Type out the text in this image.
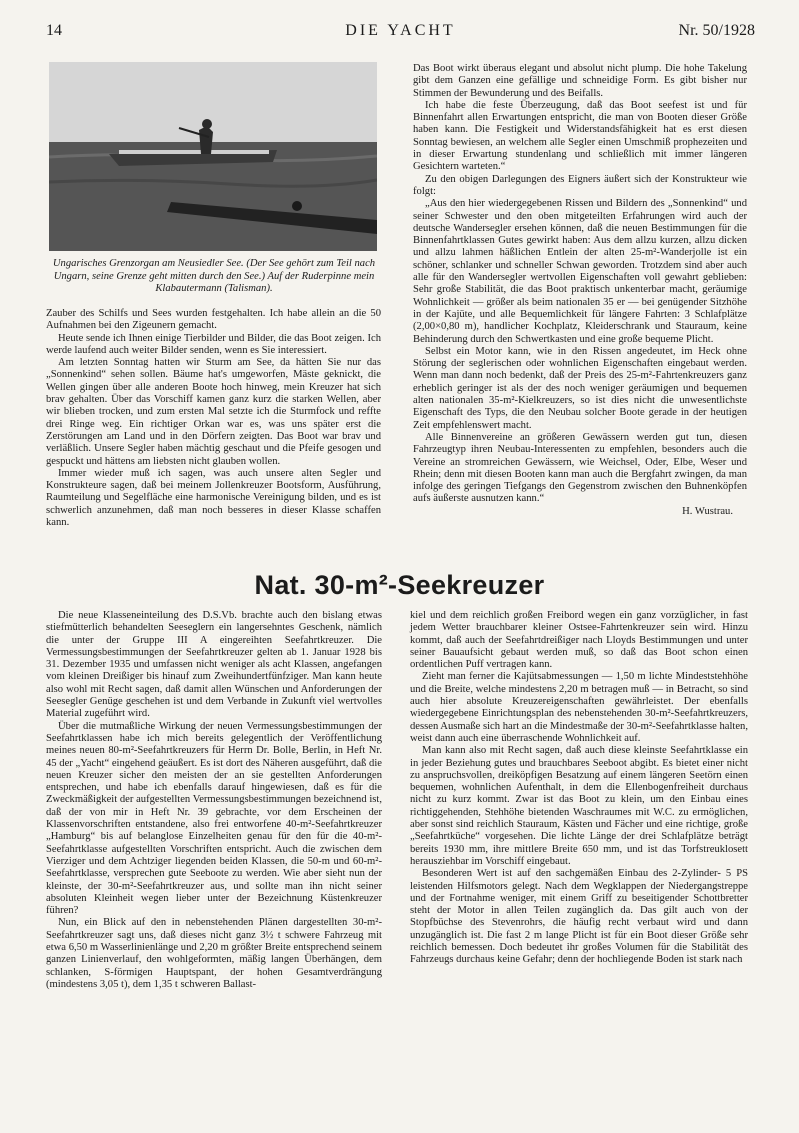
14	DIE YACHT	Nr. 50/1928
Ungarisches Grenzorgan am Neusiedler See. (Der See gehört zum Teil nach Ungarn, seine Grenze geht mitten durch den See.) Auf der Ruderpinne mein Klabautermann (Talisman).

Zauber des Schilfs und Sees wurden festgehalten. Ich habe allein an die 50 Aufnahmen bei den Zigeunern gemacht.

Heute sende ich Ihnen einige Tierbilder und Bilder, die das Boot zeigen. Ich werde laufend auch weiter Bilder senden, wenn es Sie interessiert.

Am letzten Sonntag hatten wir Sturm am See, da hätten Sie nur das „Sonnenkind“ sehen sollen. Bäume hat's umgeworfen, Mäste geknickt, die Wellen gingen über alle anderen Boote hoch hinweg, mein Kreuzer hat sich brav gehalten. Über das Vorschiff kamen ganz kurz die starken Wellen, aber wir blieben trocken, und zum ersten Mal setzte ich die Sturmfock und reffte drei Ringe weg. Ein richtiger Orkan war es, was uns später erst die Zerstörungen am Land und in den Dörfern zeigten. Das Boot war brav und verläßlich. Unsere Segler haben mächtig geschaut und die Pfeife gesogen und gespuckt und hättens am liebsten nicht glauben wollen.

Immer wieder muß ich sagen, was auch unsere alten Segler und Konstrukteure sagen, daß bei meinem Jollenkreuzer Bootsform, Ausführung, Raumteilung und Segelfläche eine harmonische Vereinigung bilden, und es ist schwerlich anzunehmen, daß man noch besseres in dieser Klasse schaffen kann.

Das Boot wirkt überaus elegant und absolut nicht plump. Die hohe Takelung gibt dem Ganzen eine gefällige und schneidige Form. Es gibt bisher nur Stimmen der Bewunderung und des Beifalls.

Ich habe die feste Überzeugung, daß das Boot seefest ist und für Binnenfahrt allen Erwartungen entspricht, die man von Booten dieser Größe haben kann. Die Festigkeit und Widerstandsfähigkeit hat es erst diesen Sonntag bewiesen, an welchem alle Segler einen Umschmiß prophezeiten und in dieser Erwartung stundenlang und schließlich mit immer längeren Gesichtern warteten.“

Zu den obigen Darlegungen des Eigners äußert sich der Konstrukteur wie folgt:

„Aus den hier wiedergegebenen Rissen und Bildern des „Sonnenkind“ und seiner Schwester und den oben mitgeteilten Erfahrungen wird auch der deutsche Wandersegler ersehen können, daß die neuen Bestimmungen für die Binnenfahrtklassen Gutes gewirkt haben: Aus dem allzu kurzen, allzu dicken und allzu lahmen häßlichen Entlein der alten 25-m²-Wanderjolle ist ein schöner, schlanker und schneller Schwan geworden. Trotzdem sind aber auch alle für den Wandersegler wertvollen Eigenschaften voll gewahrt geblieben: Sehr große Stabilität, die das Boot praktisch unkenterbar macht, geräumige Wohnlichkeit — größer als beim nationalen 35 er — bei genügender Sitzhöhe in der Kajüte, und alle Bequemlichkeit für längere Fahrten: 3 Schlafplätze (2,00×0,80 m), handlicher Kochplatz, Kleiderschrank und Stauraum, keine Behinderung durch den Schwertkasten und eine große bequeme Plicht.

Selbst ein Motor kann, wie in den Rissen angedeutet, im Heck ohne Störung der seglerischen oder wohnlichen Eigenschaften eingebaut werden. Wenn man dann noch bedenkt, daß der Preis des 25-m²-Fahrtenkreuzers ganz erheblich geringer ist als der des noch weniger geräumigen und bequemen alten nationalen 35-m²-Kielkreuzers, so ist dies nicht die unwesentlichste Eigenschaft des Typs, die den Neubau solcher Boote gerade in der heutigen Zeit empfehlenswert macht.

Alle Binnenvereine an größeren Gewässern werden gut tun, diesen Fahrzeugtyp ihren Neubau-Interessenten zu empfehlen, besonders auch die Vereine an stromreichen Gewässern, wie Weichsel, Oder, Elbe, Weser und Rhein; denn mit diesen Booten kann man auch die Bergfahrt zwingen, da man infolge des geringen Tiefgangs den Gegenstrom zwischen den Buhnenköpfen aufs äußerste ausnutzen kann.“

H. Wustrau.
Nat. 30-m²-Seekreuzer

Die neue Klasseneinteilung des D.S.Vb. brachte auch den bislang etwas stiefmütterlich behandelten Seeseglern ein langersehntes Geschenk, nämlich die unter der Gruppe III A eingereihten Seefahrtkreuzer. Die Vermessungsbestimmungen der Seefahrtkreuzer gelten ab 1. Januar 1928 bis 31. Dezember 1935 und umfassen nicht weniger als acht Klassen, angefangen vom kleinen Dreißiger bis hinauf zum Zweihundertfünfziger. Man kann heute also wohl mit Recht sagen, daß damit allen Wünschen und Anforderungen der Seesegler Genüge geschehen ist und dem Verbande in Zukunft viel wertvolles Material zugeführt wird.

Über die mutmaßliche Wirkung der neuen Vermessungsbestimmungen der Seefahrtklassen habe ich mich bereits gelegentlich der Veröffentlichung meines neuen 80-m²-Seefahrtkreuzers für Herrn Dr. Bolle, Berlin, in Heft Nr. 45 der „Yacht“ eingehend geäußert. Es ist dort des Näheren ausgeführt, daß die neuen Kreuzer sicher den meisten der an sie gestellten Anforderungen entsprechen, und habe ich ebenfalls darauf hingewiesen, daß es für die Zweckmäßigkeit der aufgestellten Vermessungsbestimmungen bezeichnend ist, daß der von mir in Heft Nr. 39 gebrachte, vor dem Erscheinen der Klassenvorschriften entstandene, also frei entworfene 40-m²-Seefahrtkreuzer „Hamburg“ bis auf belanglose Einzelheiten genau für den für die 40-m²-Seefahrtklasse aufgestellten Vorschriften entspricht. Auch die zwischen dem Vierziger und dem Achtziger liegenden beiden Klassen, die 50-m und 60-m²-Seefahrtklasse, versprechen gute Seeboote zu werden. Wie aber sieht nun der kleinste, der 30-m²-Seefahrtkreuzer aus, und sollte man ihn nicht seiner absoluten Kleinheit wegen lieber unter der Bezeichnung Küstenkreuzer führen?

Nun, ein Blick auf den in nebenstehenden Plänen dargestellten 30-m²-Seefahrtkreuzer sagt uns, daß dieses nicht ganz 3½ t schwere Fahrzeug mit etwa 6,50 m Wasserlinienlänge und 2,20 m größter Breite entsprechend seinem ganzen Linienverlauf, den wohlgeformten, mäßig langen Überhängen, dem schlanken, S-förmigen Hauptspant, der hohen Gesamtverdrängung (mindestens 3,05 t), dem 1,35 t schweren Ballast-

kiel und dem reichlich großen Freibord wegen ein ganz vorzüglicher, in fast jedem Wetter brauchbarer kleiner Ostsee-Fahrtenkreuzer sein wird. Hinzu kommt, daß auch der Seefahrtdreißiger nach Lloyds Bestimmungen und unter seiner Bauaufsicht gebaut werden muß, so daß das Boot schon einen ordentlichen Puff vertragen kann.

Zieht man ferner die Kajütsabmessungen — 1,50 m lichte Mindeststehhöhe und die Breite, welche mindestens 2,20 m betragen muß — in Betracht, so sind auch hier absolute Kreuzereigenschaften gewährleistet. Der ebenfalls wiedergegebene Einrichtungsplan des nebenstehenden 30-m²-Seefahrtkreuzers, dessen Ausmaße sich hart an die Mindestmaße der 30-m²-Seefahrtklasse halten, weist dann auch eine überraschende Wohnlichkeit auf.

Man kann also mit Recht sagen, daß auch diese kleinste Seefahrtklasse ein in jeder Beziehung gutes und brauchbares Seeboot abgibt. Es bietet einer nicht zu anspruchsvollen, dreiköpfigen Besatzung auf einem längeren Seetörn einen bequemen, wohnlichen Aufenthalt, in dem die Ellenbogenfreiheit durchaus nicht zu kurz kommt. Zwar ist das Boot zu klein, um den Einbau eines richtiggehenden, Stehhöhe bietenden Waschraumes mit W.C. zu ermöglichen, aber sonst sind reichlich Stauraum, Kästen und Fächer und eine richtige, große „Seefahrtküche“ vorgesehen. Die lichte Länge der drei Schlafplätze beträgt bereits 1930 mm, ihre mittlere Breite 650 mm, und ist das Torfstreuklosett herausziehbar im Vorschiff eingebaut.

Besonderen Wert ist auf den sachgemäßen Einbau des 2-Zylinder- 5 PS leistenden Hilfsmotors gelegt. Nach dem Wegklappen der Niedergangstreppe und der Fortnahme weniger, mit einem Griff zu beseitigender Schottbretter steht der Motor in allen Teilen zugänglich da. Das gilt auch von der Stopfbüchse des Stevenrohrs, die häufig recht verbaut wird und dann unzugänglich ist. Die fast 2 m lange Plicht ist für ein Boot dieser Größe sehr reichlich bemessen. Doch bedeutet ihr großes Volumen für die Stabilität des Fahrzeugs durchaus keine Gefahr; denn der hochliegende Boden ist stark nach
